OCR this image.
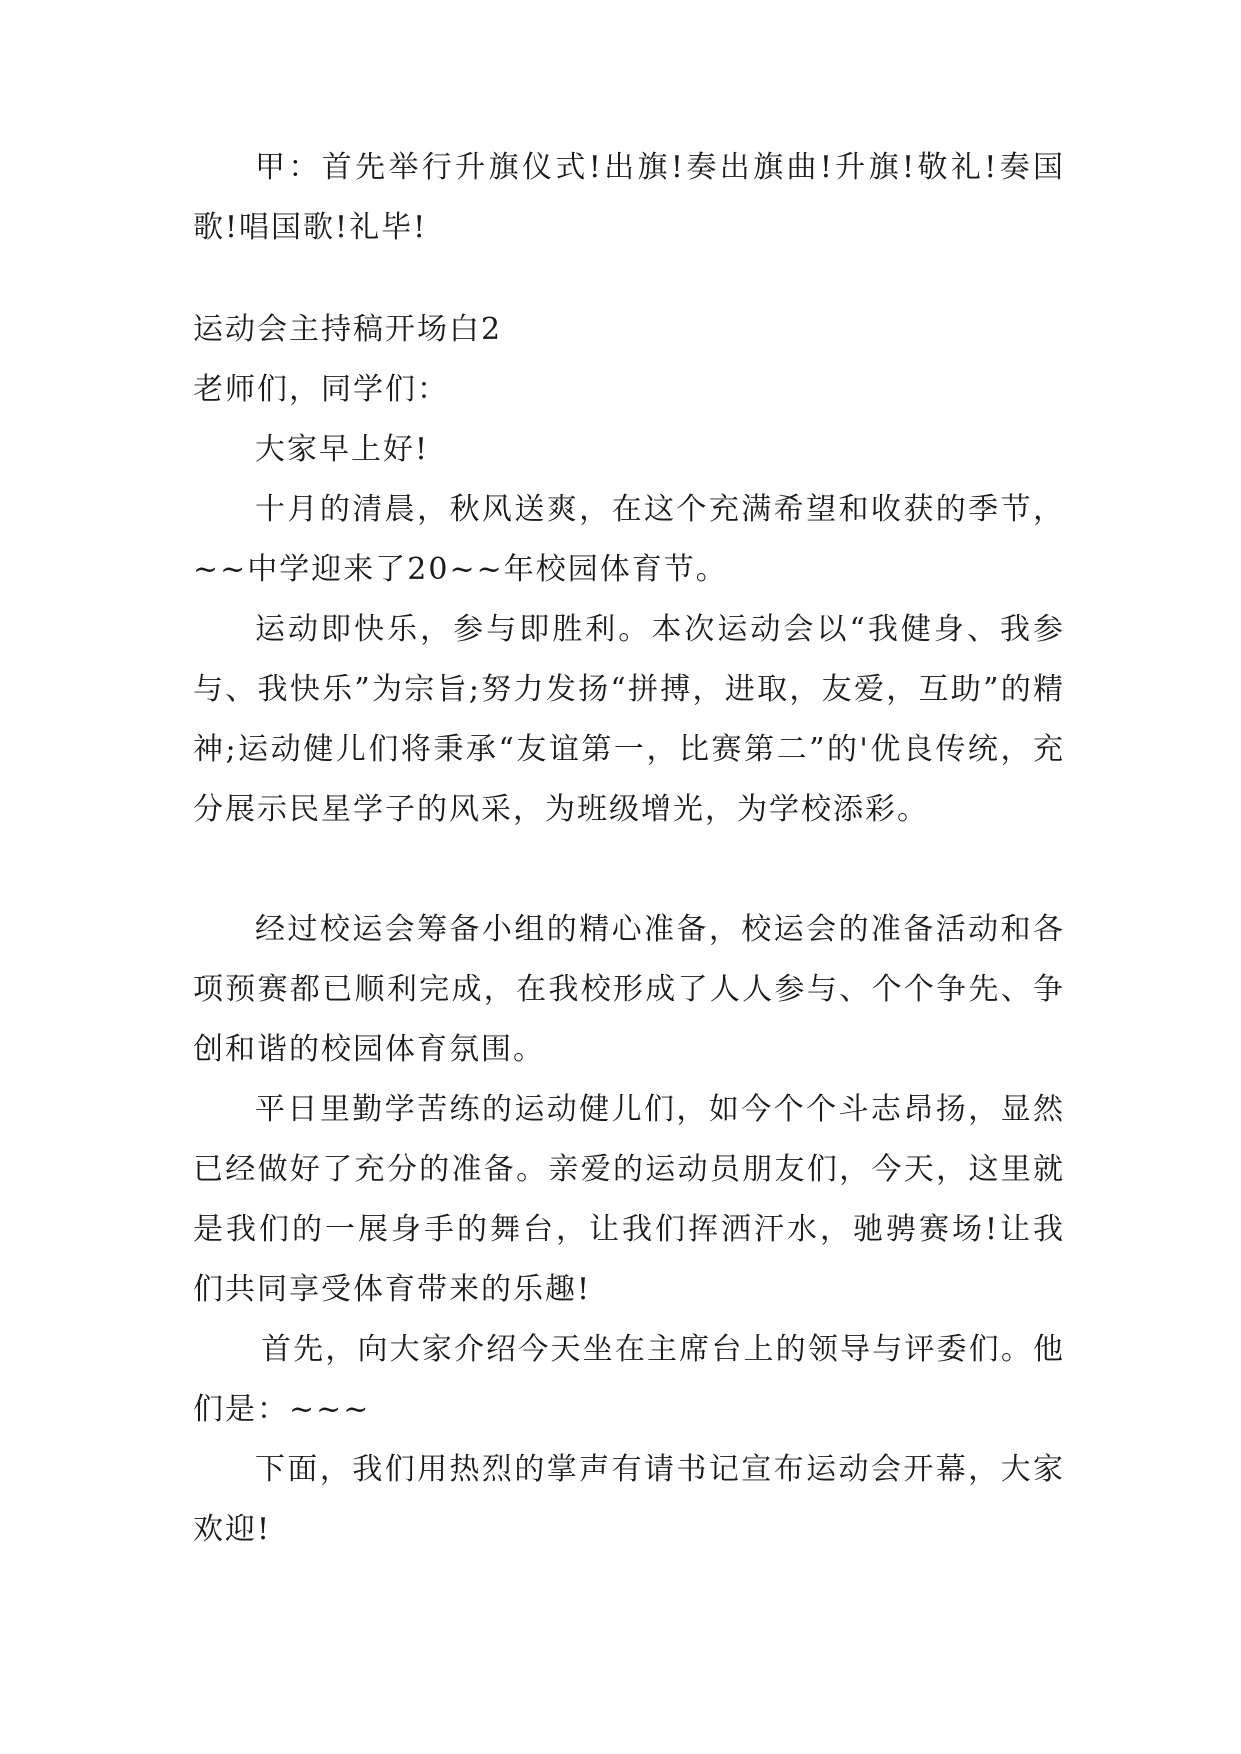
甲：首先举行升旗仪式!出旗!奏出旗曲!升旗!敬礼!奏国歌!唱国歌!礼毕!

运动会主持稿开场白2

老师们，同学们：

大家早上好!

十月的清晨，秋风送爽，在这个充满希望和收获的季节，~~中学迎来了20~~年校园体育节。

运动即快乐，参与即胜利。本次运动会以“我健身、我参与、我快乐”为宗旨;努力发扬“拼搏，进取，友爱，互助”的精神;运动健儿们将秉承“友谊第一，比赛第二”的'优良传统，充分展示民星学子的风采，为班级增光，为学校添彩。

经过校运会筹备小组的精心准备，校运会的准备活动和各项预赛都已顺利完成，在我校形成了人人参与、个个争先、争创和谐的校园体育氛围。

平日里勤学苦练的运动健儿们，如今个个斗志昂扬，显然已经做好了充分的准备。亲爱的运动员朋友们，今天，这里就是我们的一展身手的舞台，让我们挥洒汗水，驰骋赛场!让我们共同享受体育带来的乐趣!

首先，向大家介绍今天坐在主席台上的领导与评委们。他们是：~~~

下面，我们用热烈的掌声有请书记宣布运动会开幕，大家欢迎!
